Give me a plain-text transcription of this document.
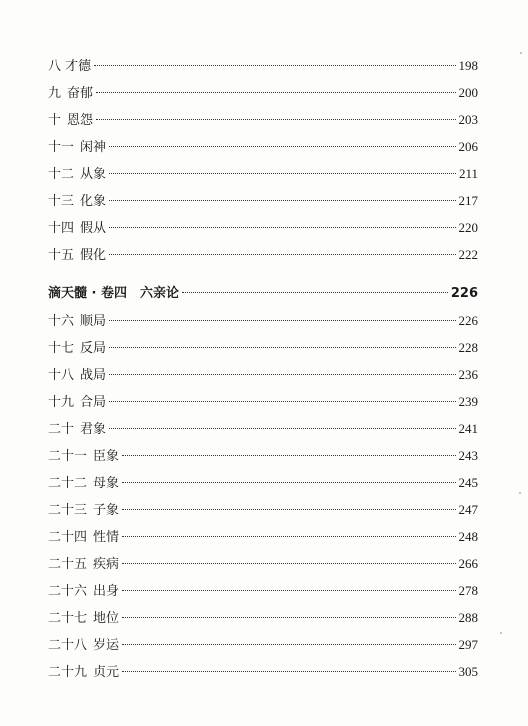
八 才德	198
九 奋郁	200
十 恩怨	203
十一 闲神	206
十二 从象	211
十三 化象	217
十四 假从	220
十五 假化	222
滴天髓 · 卷四　六亲论	226
十六 顺局	226
十七 反局	228
十八 战局	236
十九 合局	239
二十 君象	241
二十一 臣象	243
二十二 母象	245
二十三 子象	247
二十四 性情	248
二十五 疾病	266
二十六 出身	278
二十七 地位	288
二十八 岁运	297
二十九 贞元	305
